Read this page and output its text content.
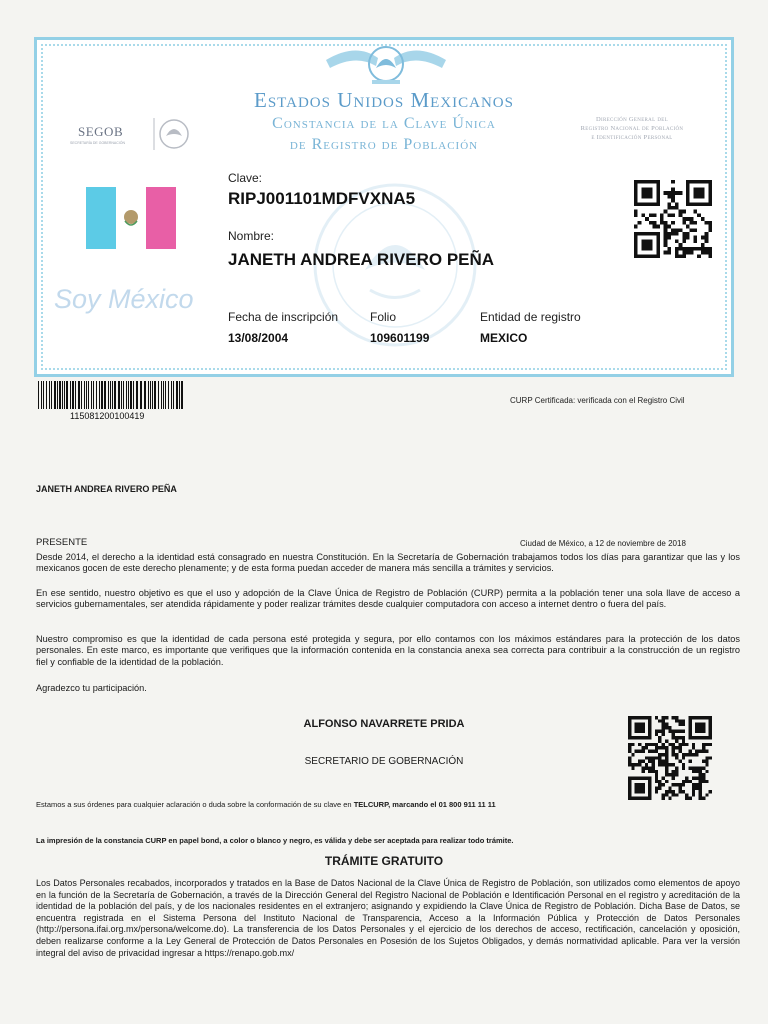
Estados Unidos Mexicanos
Constancia de la Clave Única
de Registro de Población
SEGOB
SECRETARÍA DE GOBERNACIÓN
Dirección General del
Registro Nacional de Población
e Identificación Personal
Soy México
Clave:
RIPJ001101MDFVXNA5
Nombre:
JANETH ANDREA RIVERO PEÑA
Fecha de inscripción
13/08/2004
Folio
109601199
Entidad de registro
MEXICO
115081200100419
CURP Certificada: verificada con el Registro Civil
JANETH ANDREA RIVERO PEÑA
PRESENTE	Ciudad de México, a 12 de noviembre de 2018
Desde 2014, el derecho a la identidad está consagrado en nuestra Constitución. En la Secretaría de Gobernación trabajamos todos los días para garantizar que las y los mexicanos gocen de este derecho plenamente; y de esta forma puedan acceder de manera más sencilla a trámites y servicios.
En ese sentido, nuestro objetivo es que el uso y adopción de la Clave Única de Registro de Población (CURP) permita a la población tener una sola llave de acceso a servicios gubernamentales, ser atendida rápidamente y poder realizar trámites desde cualquier computadora con acceso a internet dentro o fuera del país.
Nuestro compromiso es que la identidad de cada persona esté protegida y segura, por ello contamos con los máximos estándares para la protección de los datos personales. En este marco, es importante que verifiques que la información contenida en la constancia anexa sea correcta para contribuir a la construcción de un registro fiel y confiable de la identidad de la población.
Agradezco tu participación.
ALFONSO NAVARRETE PRIDA
SECRETARIO DE GOBERNACIÓN
Estamos a sus órdenes para cualquier aclaración o duda sobre la conformación de su clave en TELCURP, marcando el 01 800 911 11 11
La impresión de la constancia CURP en papel bond, a color o blanco y negro, es válida y debe ser aceptada para realizar todo trámite.
TRÁMITE GRATUITO
Los Datos Personales recabados, incorporados y tratados en la Base de Datos Nacional de la Clave Única de Registro de Población, son utilizados como elementos de apoyo en la función de la Secretaría de Gobernación, a través de la Dirección General del Registro Nacional de Población e Identificación Personal en el registro y acreditación de la identidad de la población del país, y de los nacionales residentes en el extranjero; asignando y expidiendo la Clave Única de Registro de Población. Dicha Base de Datos, se encuentra registrada en el Sistema Persona del Instituto Nacional de Transparencia, Acceso a la Información Pública y Protección de Datos Personales (http://persona.ifai.org.mx/persona/welcome.do). La transferencia de los Datos Personales y el ejercicio de los derechos de acceso, rectificación, cancelación y oposición, deben realizarse conforme a la Ley General de Protección de Datos Personales en Posesión de los Sujetos Obligados, y demás normatividad aplicable. Para ver la versión integral del aviso de privacidad ingresar a https://renapo.gob.mx/
